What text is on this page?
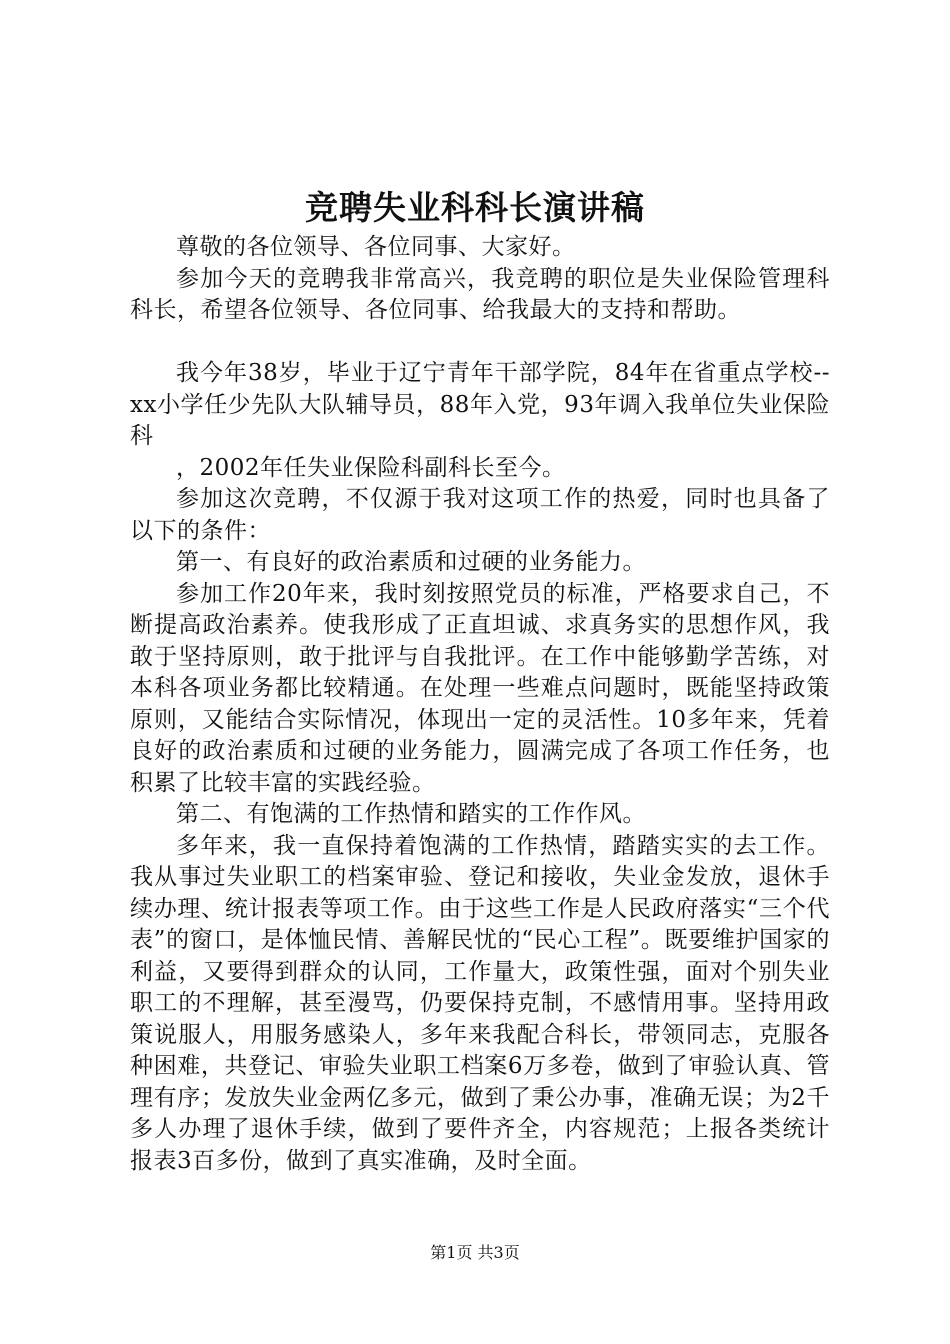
竞聘失业科科长演讲稿

尊敬的各位领导、各位同事、大家好。

参加今天的竞聘我非常高兴，我竞聘的职位是失业保险管理科科长，希望各位领导、各位同事、给我最大的支持和帮助。

我今年38岁，毕业于辽宁青年干部学院，84年在省重点学校--xx小学任少先队大队辅导员，88年入党，93年调入我单位失业保险科

，2002年任失业保险科副科长至今。

参加这次竞聘，不仅源于我对这项工作的热爱，同时也具备了以下的条件：

第一、有良好的政治素质和过硬的业务能力。

参加工作20年来，我时刻按照党员的标准，严格要求自己，不断提高政治素养。使我形成了正直坦诚、求真务实的思想作风，我敢于坚持原则，敢于批评与自我批评。在工作中能够勤学苦练，对本科各项业务都比较精通。在处理一些难点问题时，既能坚持政策原则，又能结合实际情况，体现出一定的灵活性。10多年来，凭着良好的政治素质和过硬的业务能力，圆满完成了各项工作任务，也积累了比较丰富的实践经验。

第二、有饱满的工作热情和踏实的工作作风。

多年来，我一直保持着饱满的工作热情，踏踏实实的去工作。我从事过失业职工的档案审验、登记和接收，失业金发放，退休手续办理、统计报表等项工作。由于这些工作是人民政府落实“三个代表”的窗口，是体恤民情、善解民忧的“民心工程”。既要维护国家的利益，又要得到群众的认同，工作量大，政策性强，面对个别失业职工的不理解，甚至漫骂，仍要保持克制，不感情用事。坚持用政策说服人，用服务感染人，多年来我配合科长，带领同志，克服各种困难，共登记、审验失业职工档案6万多卷，做到了审验认真、管理有序；发放失业金两亿多元，做到了秉公办事，准确无误；为2千多人办理了退休手续，做到了要件齐全，内容规范；上报各类统计报表3百多份，做到了真实准确，及时全面。

第1页 共3页
